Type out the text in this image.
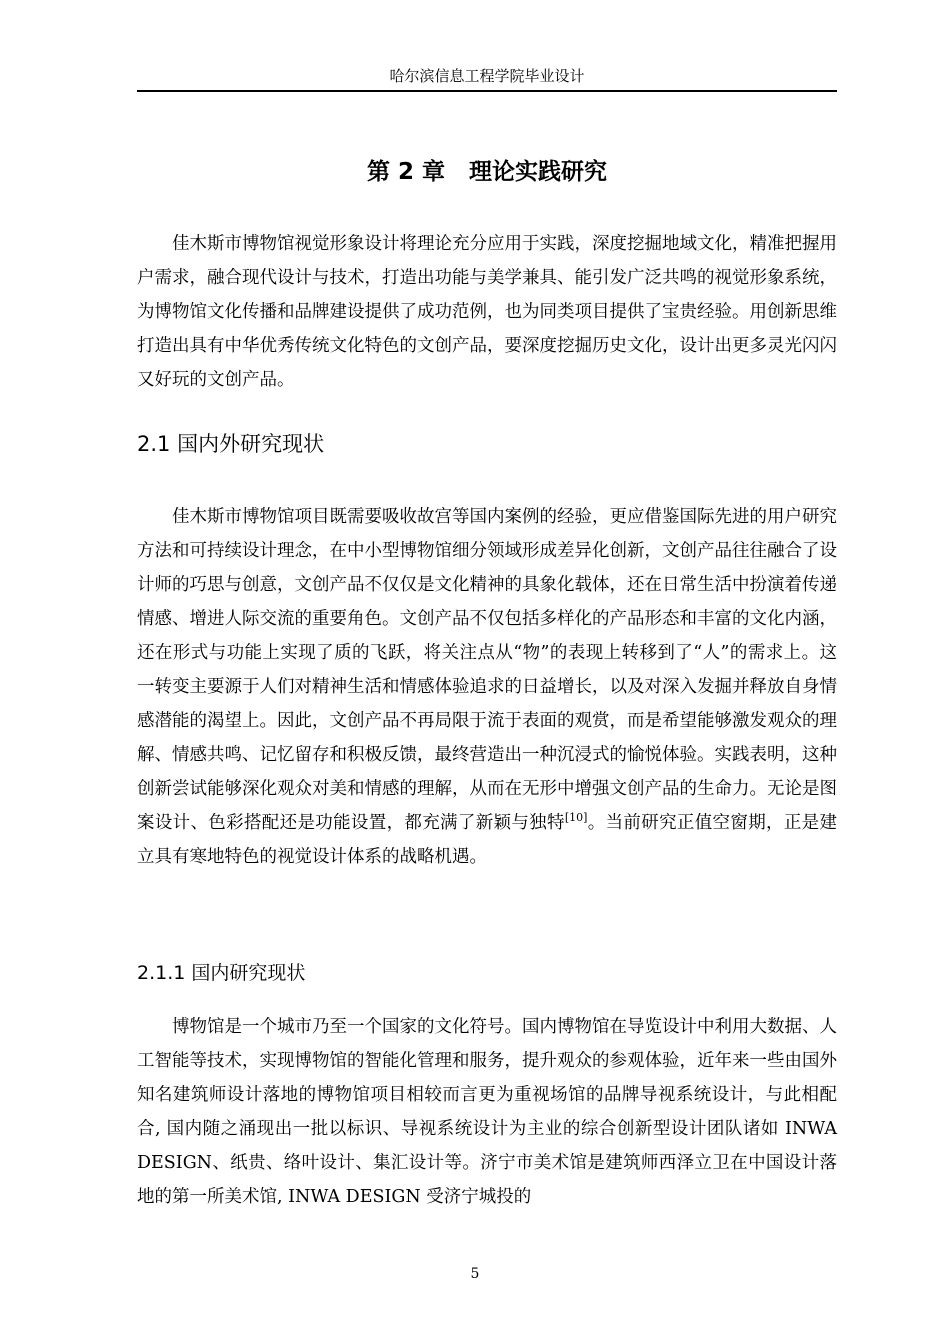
哈尔滨信息工程学院毕业设计
第 2 章 理论实践研究

佳木斯市博物馆视觉形象设计将理论充分应用于实践，深度挖掘地域文化，精准把握用户需求，融合现代设计与技术，打造出功能与美学兼具、能引发广泛共鸣的视觉形象系统，为博物馆文化传播和品牌建设提供了成功范例，也为同类项目提供了宝贵经验。用创新思维打造出具有中华优秀传统文化特色的文创产品，要深度挖掘历史文化，设计出更多灵光闪闪又好玩的文创产品。

2.1 国内外研究现状

佳木斯市博物馆项目既需要吸收故宫等国内案例的经验，更应借鉴国际先进的用户研究方法和可持续设计理念，在中小型博物馆细分领域形成差异化创新，文创产品往往融合了设计师的巧思与创意，文创产品不仅仅是文化精神的具象化载体，还在日常生活中扮演着传递情感、增进人际交流的重要角色。文创产品不仅包括多样化的产品形态和丰富的文化内涵，还在形式与功能上实现了质的飞跃，将关注点从“物”的表现上转移到了“人”的需求上。这一转变主要源于人们对精神生活和情感体验追求的日益增长，以及对深入发掘并释放自身情感潜能的渴望上。因此，文创产品不再局限于流于表面的观赏，而是希望能够激发观众的理解、情感共鸣、记忆留存和积极反馈，最终营造出一种沉浸式的愉悦体验。实践表明，这种创新尝试能够深化观众对美和情感的理解，从而在无形中增强文创产品的生命力。无论是图案设计、色彩搭配还是功能设置，都充满了新颖与独特[10]。当前研究正值空窗期，正是建立具有寒地特色的视觉设计体系的战略机遇。

2.1.1 国内研究现状

博物馆是一个城市乃至一个国家的文化符号。国内博物馆在导览设计中利用大数据、人工智能等技术，实现博物馆的智能化管理和服务，提升观众的参观体验，近年来一些由国外知名建筑师设计落地的博物馆项目相较而言更为重视场馆的品牌导视系统设计，与此相配合, 国内随之涌现出一批以标识、导视系统设计为主业的综合创新型设计团队诸如 INWA DESIGN、纸贵、络叶设计、集汇设计等。济宁市美术馆是建筑师西泽立卫在中国设计落地的第一所美术馆, INWA DESIGN 受济宁城投的

5
